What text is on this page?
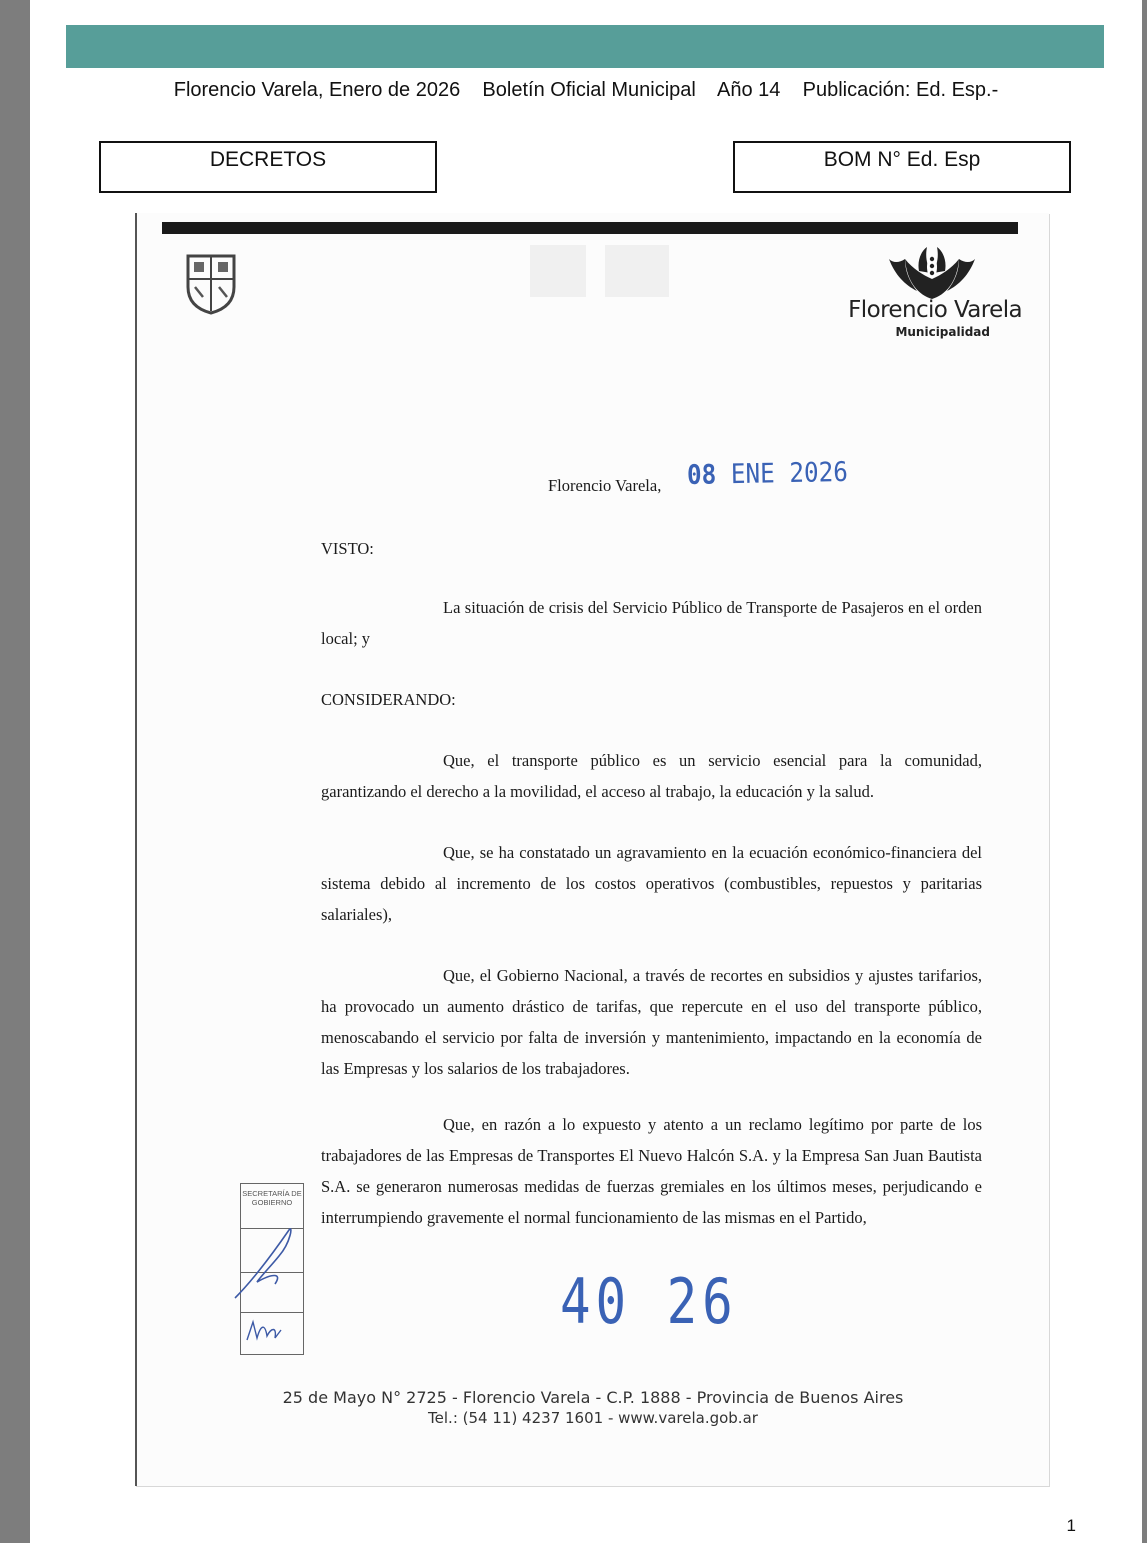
Florencio Varela, Enero de 2026    Boletín Oficial Municipal    Año 14    Publicación: Ed. Esp.-
DECRETOS	BOM N° Ed. Esp
Florencio Varela
Municipalidad
Florencio Varela, 08 ENE 2026
VISTO:

La situación de crisis del Servicio Público de Transporte de Pasajeros en el orden local; y

CONSIDERANDO:

Que, el transporte público es un servicio esencial para la comunidad, garantizando el derecho a la movilidad, el acceso al trabajo, la educación y la salud.

Que, se ha constatado un agravamiento en la ecuación económico-financiera del sistema debido al incremento de los costos operativos (combustibles, repuestos y paritarias salariales),

Que, el Gobierno Nacional, a través de recortes en subsidios y ajustes tarifarios, ha provocado un aumento drástico de tarifas, que repercute en el uso del transporte público, menoscabando el servicio por falta de inversión y mantenimiento, impactando en la economía de las Empresas y los salarios de los trabajadores.

Que, en razón a lo expuesto y atento a un reclamo legítimo por parte de los trabajadores de las Empresas de Transportes El Nuevo Halcón S.A. y la Empresa San Juan Bautista S.A. se generaron numerosas medidas de fuerzas gremiales en los últimos meses, perjudicando e interrumpiendo gravemente el normal funcionamiento de las mismas en el Partido,

SECRETARÍA DE GOBIERNO
40 26
25 de Mayo N° 2725 - Florencio Varela - C.P. 1888 - Provincia de Buenos Aires
Tel.: (54 11) 4237 1601 - www.varela.gob.ar
1
